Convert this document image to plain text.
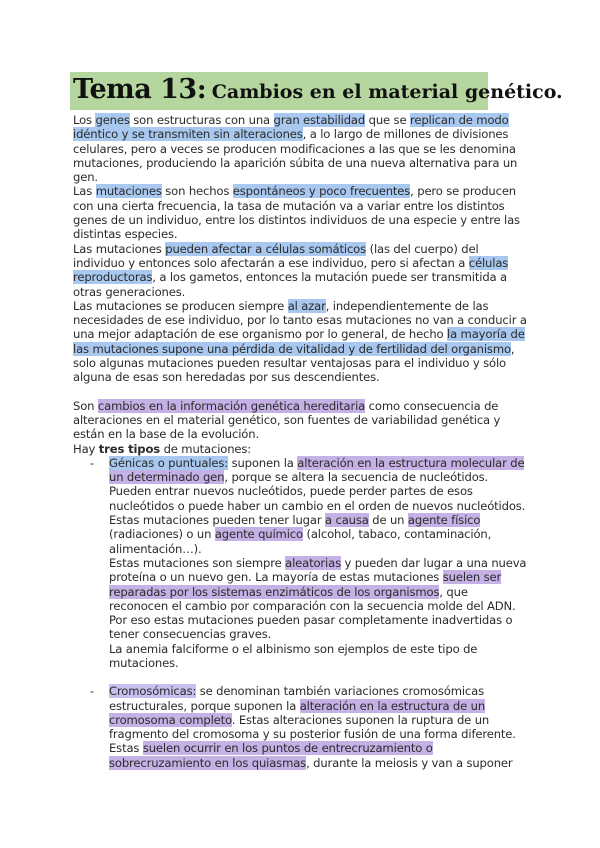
Tema 13: Cambios en el material genético.

Los genes son estructuras con una gran estabilidad que se replican de modo idéntico y se transmiten sin alteraciones, a lo largo de millones de divisiones celulares, pero a veces se producen modificaciones a las que se les denomina mutaciones, produciendo la aparición súbita de una nueva alternativa para un gen.

Las mutaciones son hechos espontáneos y poco frecuentes, pero se producen con una cierta frecuencia, la tasa de mutación va a variar entre los distintos genes de un individuo, entre los distintos individuos de una especie y entre las distintas especies.

Las mutaciones pueden afectar a células somáticos (las del cuerpo) del individuo y entonces solo afectarán a ese individuo, pero si afectan a células reproductoras, a los gametos, entonces la mutación puede ser transmitida a otras generaciones.

Las mutaciones se producen siempre al azar, independientemente de las necesidades de ese individuo, por lo tanto esas mutaciones no van a conducir a una mejor adaptación de ese organismo por lo general, de hecho la mayoría de las mutaciones supone una pérdida de vitalidad y de fertilidad del organismo, solo algunas mutaciones pueden resultar ventajosas para el individuo y sólo alguna de esas son heredadas por sus descendientes.

Son cambios en la información genética hereditaria como consecuencia de alteraciones en el material genético, son fuentes de variabilidad genética y están en la base de la evolución.

Hay tres tipos de mutaciones:

- Génicas o puntuales: suponen la alteración en la estructura molecular de un determinado gen, porque se altera la secuencia de nucleótidos. Pueden entrar nuevos nucleótidos, puede perder partes de esos nucleótidos o puede haber un cambio en el orden de nuevos nucleótidos. Estas mutaciones pueden tener lugar a causa de un agente físico (radiaciones) o un agente químico (alcohol, tabaco, contaminación, alimentación…).

Estas mutaciones son siempre aleatorias y pueden dar lugar a una nueva proteína o un nuevo gen. La mayoría de estas mutaciones suelen ser reparadas por los sistemas enzimáticos de los organismos, que reconocen el cambio por comparación con la secuencia molde del ADN. Por eso estas mutaciones pueden pasar completamente inadvertidas o tener consecuencias graves.

La anemia falciforme o el albinismo son ejemplos de este tipo de mutaciones.

- Cromosómicas: se denominan también variaciones cromosómicas estructurales, porque suponen la alteración en la estructura de un cromosoma completo. Estas alteraciones suponen la ruptura de un fragmento del cromosoma y su posterior fusión de una forma diferente. Estas suelen ocurrir en los puntos de entrecruzamiento o sobrecruzamiento en los quiasmas, durante la meiosis y van a suponer
